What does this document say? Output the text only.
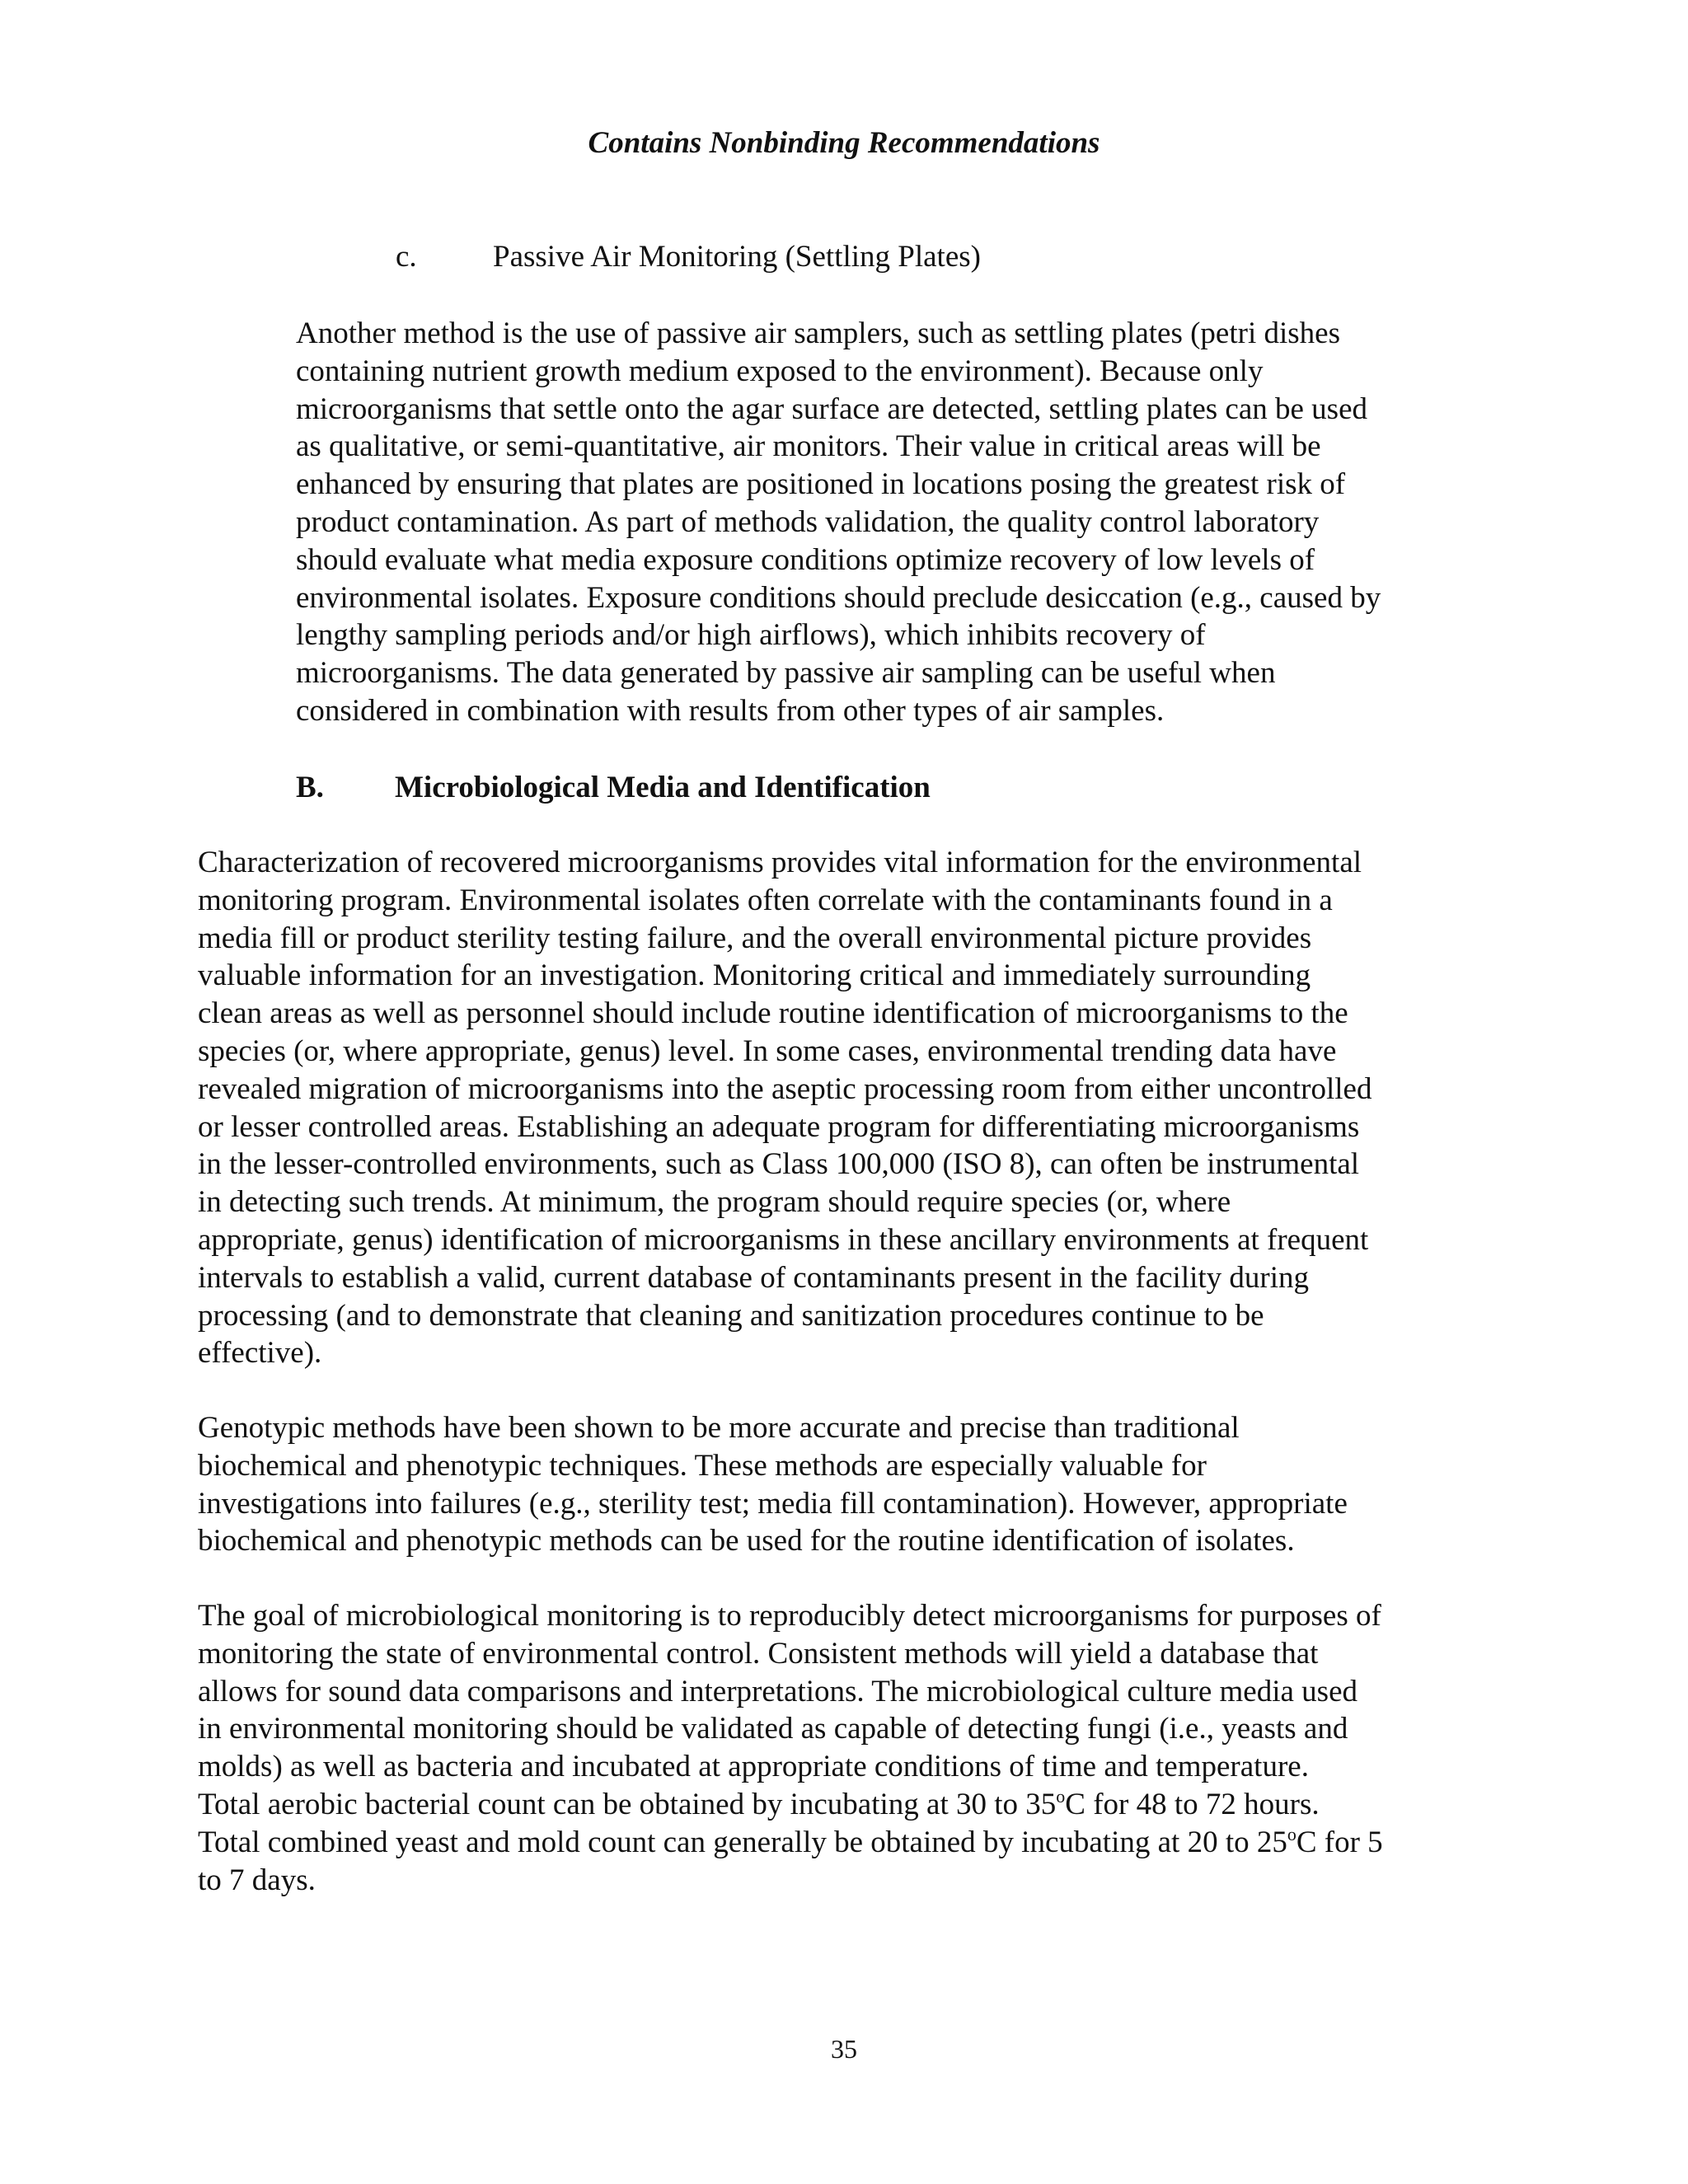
Contains Nonbinding Recommendations
c. Passive Air Monitoring (Settling Plates)
Another method is the use of passive air samplers, such as settling plates (petri dishes
containing nutrient growth medium exposed to the environment). Because only
microorganisms that settle onto the agar surface are detected, settling plates can be used
as qualitative, or semi-quantitative, air monitors. Their value in critical areas will be
enhanced by ensuring that plates are positioned in locations posing the greatest risk of
product contamination. As part of methods validation, the quality control laboratory
should evaluate what media exposure conditions optimize recovery of low levels of
environmental isolates. Exposure conditions should preclude desiccation (e.g., caused by
lengthy sampling periods and/or high airflows), which inhibits recovery of
microorganisms. The data generated by passive air sampling can be useful when
considered in combination with results from other types of air samples.
B. Microbiological Media and Identification
Characterization of recovered microorganisms provides vital information for the environmental
monitoring program. Environmental isolates often correlate with the contaminants found in a
media fill or product sterility testing failure, and the overall environmental picture provides
valuable information for an investigation. Monitoring critical and immediately surrounding
clean areas as well as personnel should include routine identification of microorganisms to the
species (or, where appropriate, genus) level. In some cases, environmental trending data have
revealed migration of microorganisms into the aseptic processing room from either uncontrolled
or lesser controlled areas. Establishing an adequate program for differentiating microorganisms
in the lesser-controlled environments, such as Class 100,000 (ISO 8), can often be instrumental
in detecting such trends. At minimum, the program should require species (or, where
appropriate, genus) identification of microorganisms in these ancillary environments at frequent
intervals to establish a valid, current database of contaminants present in the facility during
processing (and to demonstrate that cleaning and sanitization procedures continue to be
effective).
Genotypic methods have been shown to be more accurate and precise than traditional
biochemical and phenotypic techniques. These methods are especially valuable for
investigations into failures (e.g., sterility test; media fill contamination). However, appropriate
biochemical and phenotypic methods can be used for the routine identification of isolates.
The goal of microbiological monitoring is to reproducibly detect microorganisms for purposes of
monitoring the state of environmental control. Consistent methods will yield a database that
allows for sound data comparisons and interpretations. The microbiological culture media used
in environmental monitoring should be validated as capable of detecting fungi (i.e., yeasts and
molds) as well as bacteria and incubated at appropriate conditions of time and temperature.
Total aerobic bacterial count can be obtained by incubating at 30 to 35$^o$C for 48 to 72 hours.
Total combined yeast and mold count can generally be obtained by incubating at 20 to 25$^o$C for 5
to 7 days.
35
